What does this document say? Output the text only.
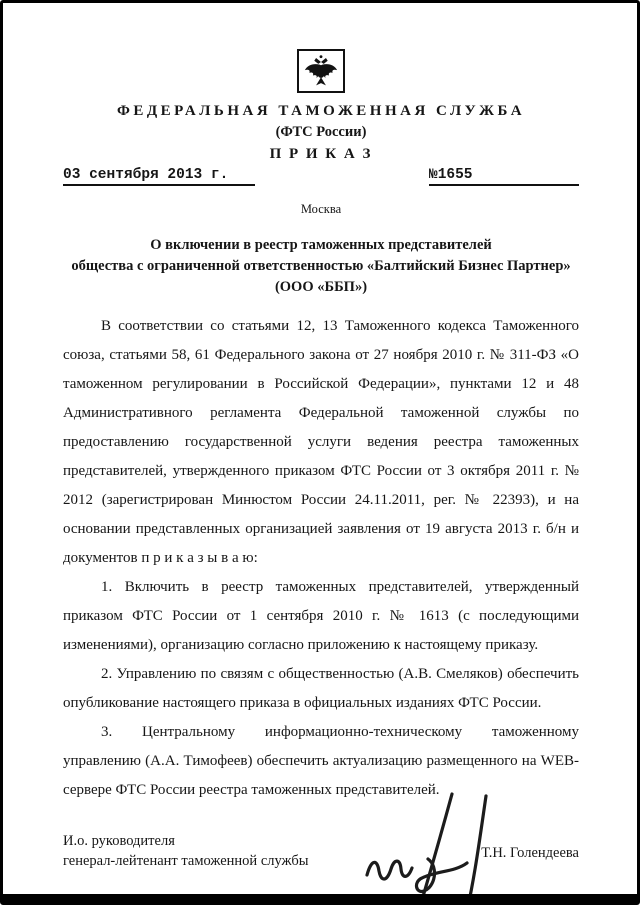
ФЕДЕРАЛЬНАЯ ТАМОЖЕННАЯ СЛУЖБА
(ФТС России)
П Р И К А З
03 сентября 2013 г.	№1655
Москва
О включении в реестр таможенных представителей
общества с ограниченной ответственностью «Балтийский Бизнес Партнер»
(ООО «ББП»)

В соответствии со статьями 12, 13 Таможенного кодекса Таможенного союза, статьями 58, 61 Федерального закона от 27 ноября 2010 г. № 311-ФЗ «О таможенном регулировании в Российской Федерации», пунктами 12 и 48 Административного регламента Федеральной таможенной службы по предоставлению государственной услуги ведения реестра таможенных представителей, утвержденного приказом ФТС России от 3 октября 2011 г. № 2012 (зарегистрирован Минюстом России 24.11.2011, рег. № 22393), и на основании представленных организацией заявления от 19 августа 2013 г. б/н и документов п р и к а з ы в а ю:

1. Включить в реестр таможенных представителей, утвержденный приказом ФТС России от 1 сентября 2010 г. № 1613 (с последующими изменениями), организацию согласно приложению к настоящему приказу.

2. Управлению по связям с общественностью (А.В. Смеляков) обеспечить опубликование настоящего приказа в официальных изданиях ФТС России.

3. Центральному информационно-техническому таможенному управлению (А.А. Тимофеев) обеспечить актуализацию размещенного на WEB-сервере ФТС России реестра таможенных представителей.

И.о. руководителя
генерал-лейтенант таможенной службы	Т.Н. Голендеева
